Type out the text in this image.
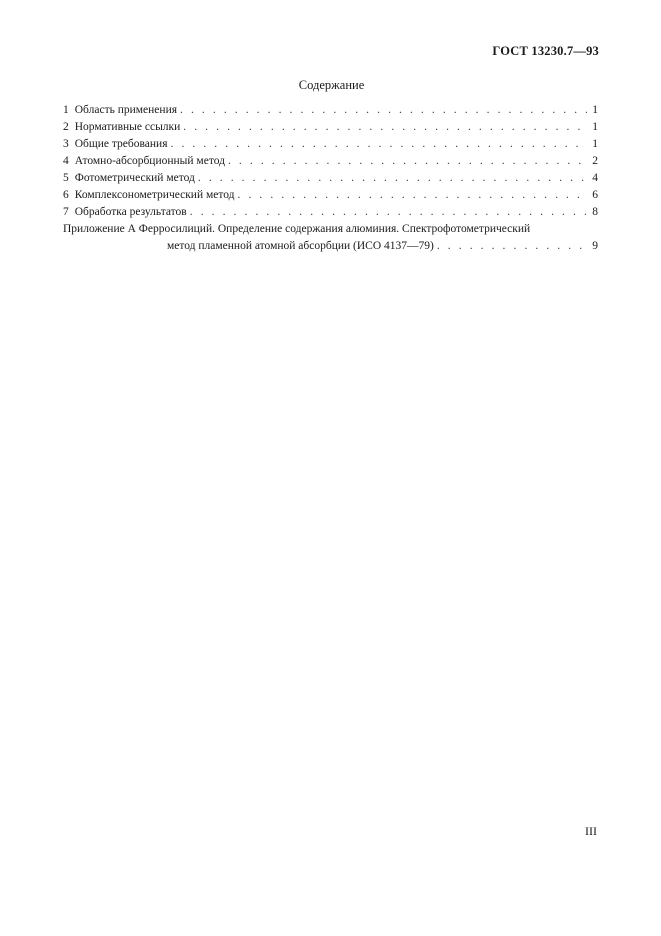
ГОСТ 13230.7—93
Содержание
1 Область применения . . .	1
2 Нормативные ссылки . . .	1
3 Общие требования . . .	1
4 Атомно-абсорбционный метод . . .	2
5 Фотометрический метод . . .	4
6 Комплексонометрический метод . . .	6
7 Обработка результатов . . .	8
Приложение А Ферросилиций. Определение содержания алюминия. Спектрофотометрический
метод пламенной атомной абсорбции (ИСО 4137—79) . . .	9
III
